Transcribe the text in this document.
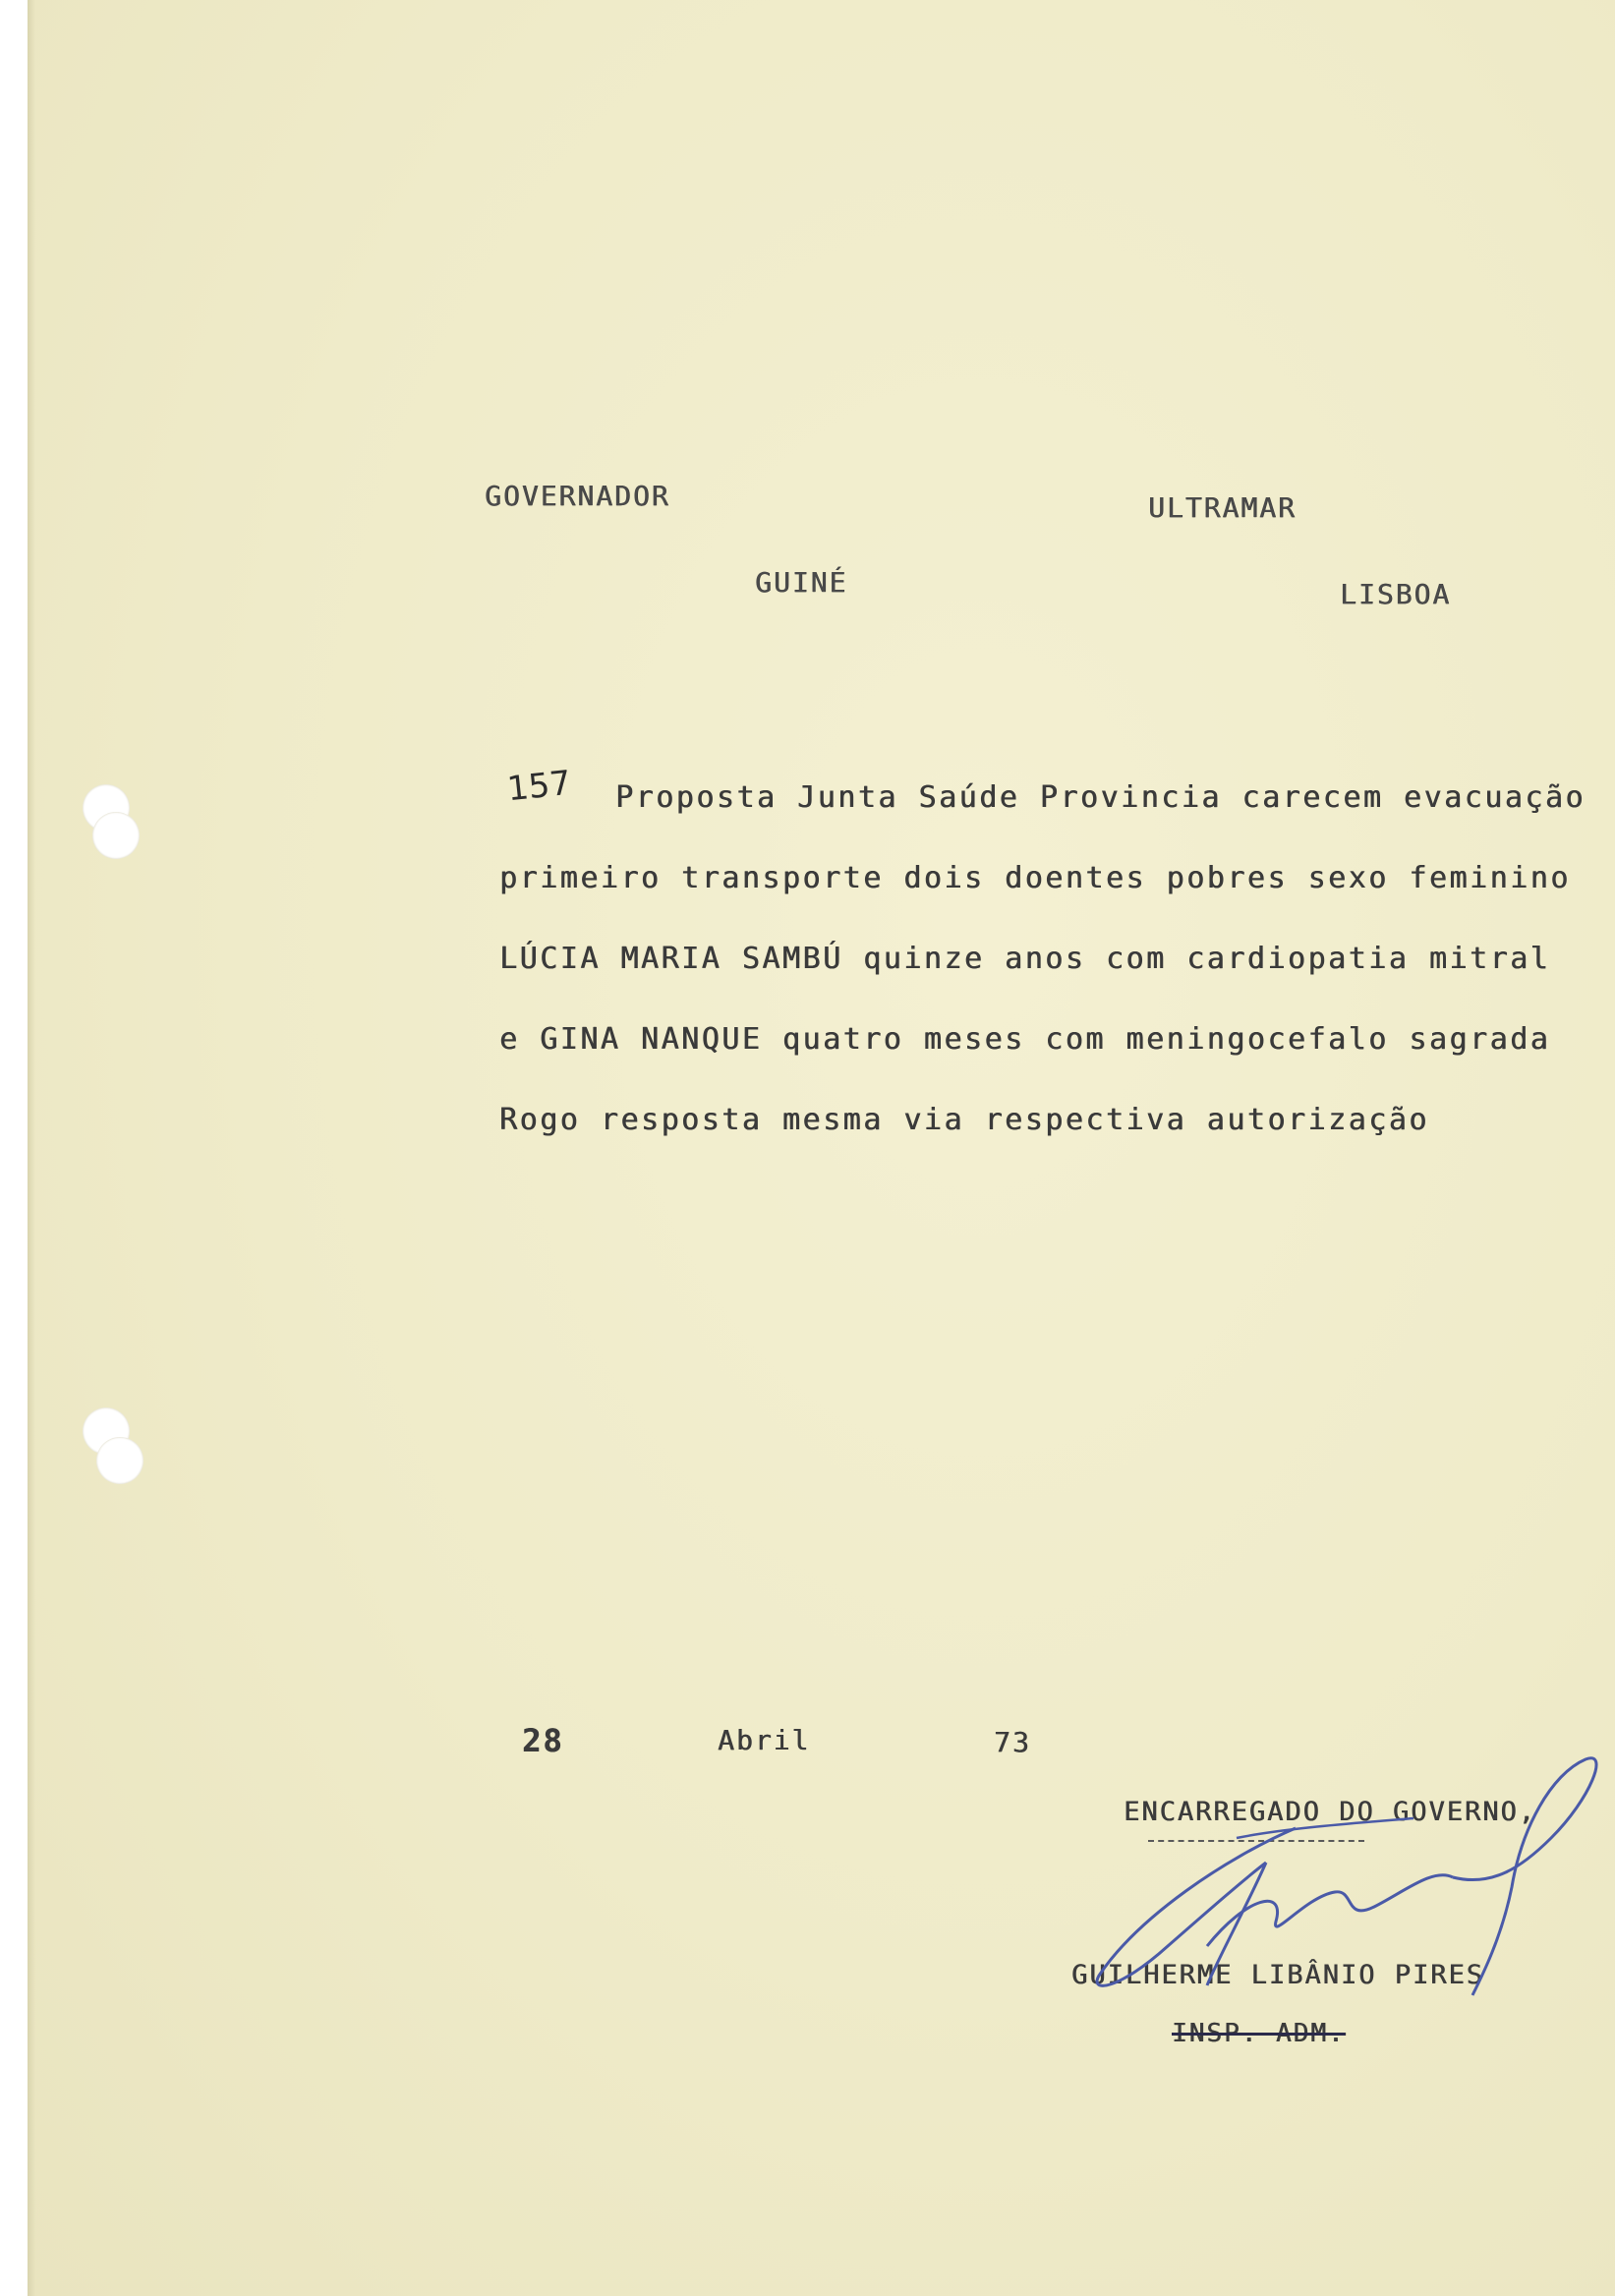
GOVERNADOR	ULTRAMAR
GUINÉ	LISBOA
157 Proposta Junta Saúde Provincia carecem evacuação
primeiro transporte dois doentes pobres sexo feminino
LÚCIA MARIA SAMBÚ quinze anos com cardiopatia mitral
e GINA NANQUE quatro meses com meningocefalo sagrada
Rogo resposta mesma via respectiva autorização
28	Abril	73
ENCARREGADO DO GOVERNO,
GUILHERME LIBÂNIO PIRES
INSP. ADM.
